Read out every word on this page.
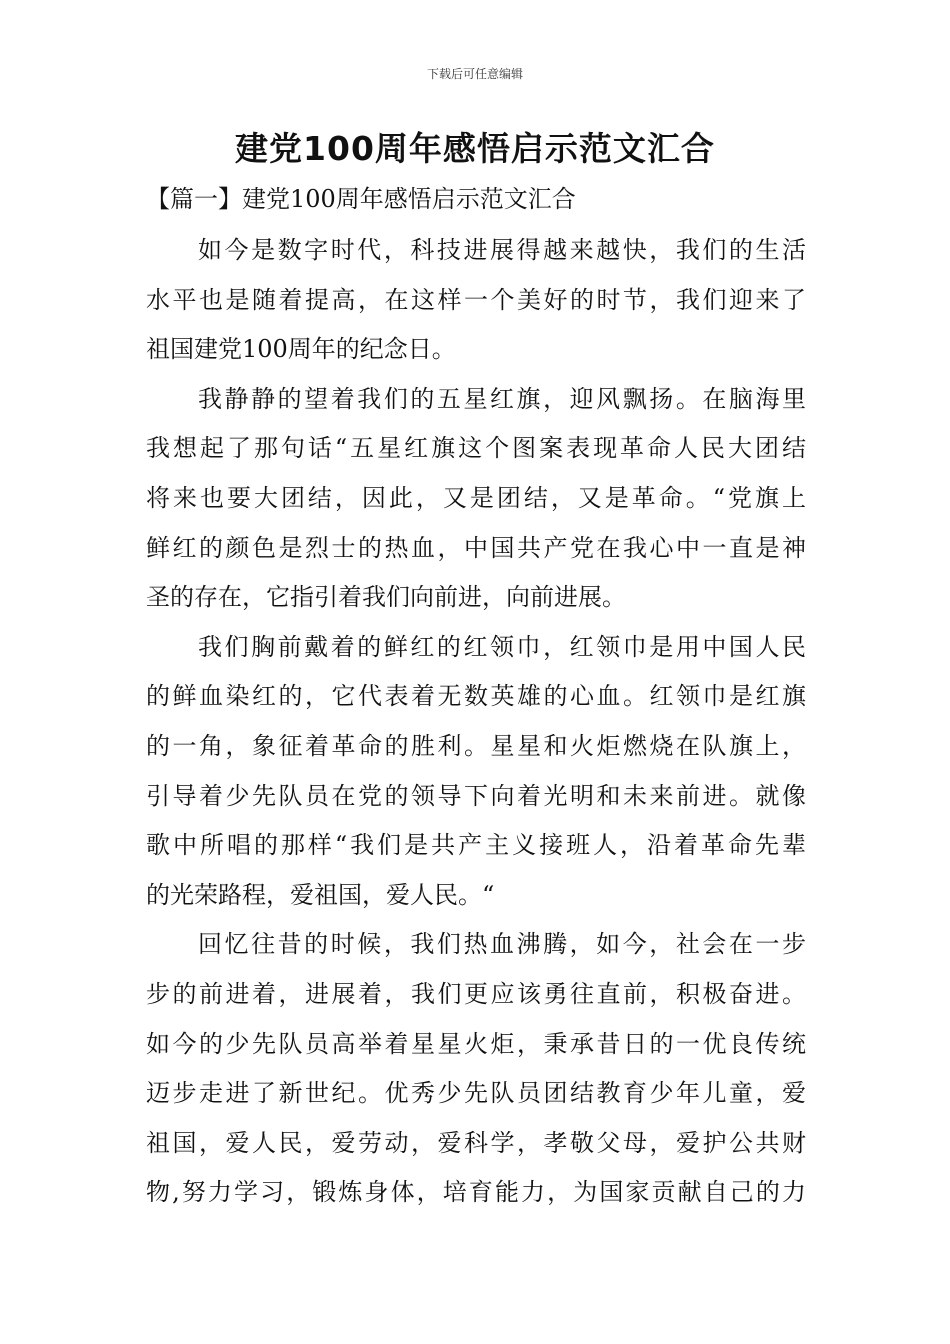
下载后可任意编辑
建党100周年感悟启示范文汇合
【篇一】建党100周年感悟启示范文汇合
如今是数字时代，科技进展得越来越快，我们的生活
水平也是随着提高，在这样一个美好的时节，我们迎来了
祖国建党100周年的纪念日。
我静静的望着我们的五星红旗，迎风飘扬。在脑海里
我想起了那句话“五星红旗这个图案表现革命人民大团结
将来也要大团结，因此，又是团结，又是革命。“党旗上
鲜红的颜色是烈士的热血，中国共产党在我心中一直是神
圣的存在，它指引着我们向前进，向前进展。
我们胸前戴着的鲜红的红领巾，红领巾是用中国人民
的鲜血染红的，它代表着无数英雄的心血。红领巾是红旗
的一角，象征着革命的胜利。星星和火炬燃烧在队旗上，
引导着少先队员在党的领导下向着光明和未来前进。就像
歌中所唱的那样“我们是共产主义接班人，沿着革命先辈
的光荣路程，爱祖国，爱人民。“
回忆往昔的时候，我们热血沸腾，如今，社会在一步
步的前进着，进展着，我们更应该勇往直前，积极奋进。
如今的少先队员高举着星星火炬，秉承昔日的一优良传统
迈步走进了新世纪。优秀少先队员团结教育少年儿童，爱
祖国，爱人民，爱劳动，爱科学，孝敬父母，爱护公共财
物,努力学习，锻炼身体，培育能力，为国家贡献自己的力
